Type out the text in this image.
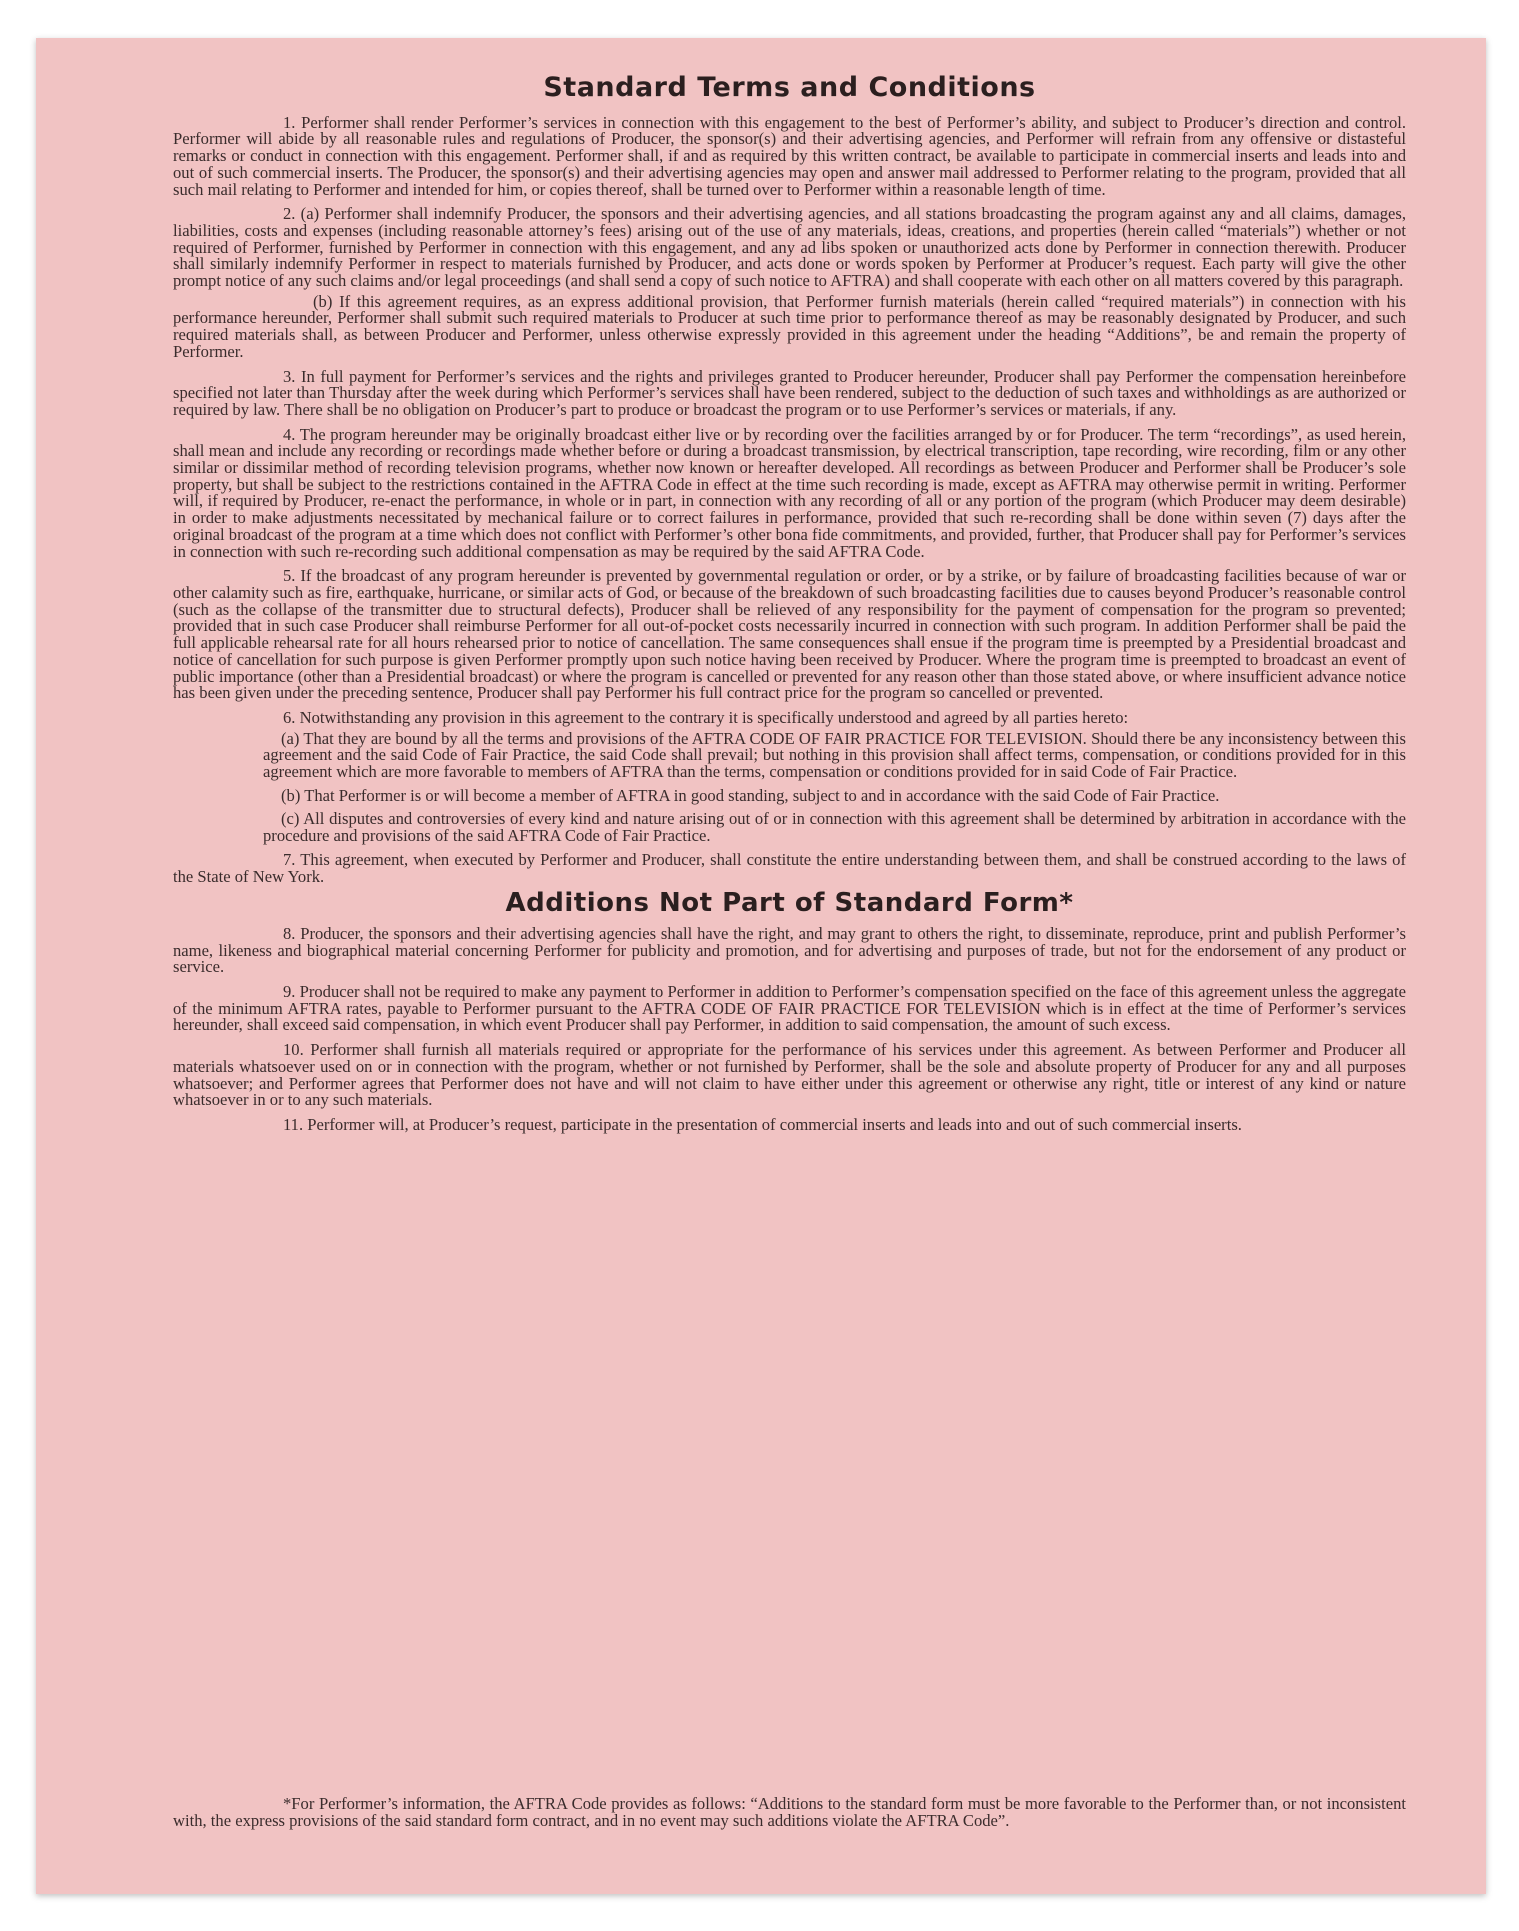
Standard Terms and Conditions

1. Performer shall render Performer’s services in connection with this engagement to the best of Performer’s ability, and subject to Producer’s direction and control. Performer will abide by all reasonable rules and regulations of Producer, the sponsor(s) and their advertising agencies, and Performer will refrain from any offensive or distasteful remarks or conduct in connection with this engagement. Performer shall, if and as required by this written contract, be available to participate in commercial inserts and leads into and out of such commercial inserts. The Producer, the sponsor(s) and their advertising agencies may open and answer mail addressed to Performer relating to the program, provided that all such mail relating to Performer and intended for him, or copies thereof, shall be turned over to Performer within a reasonable length of time.

2. (a) Performer shall indemnify Producer, the sponsors and their advertising agencies, and all stations broadcasting the program against any and all claims, damages, liabilities, costs and expenses (including reasonable attorney’s fees) arising out of the use of any materials, ideas, creations, and properties (herein called “materials”) whether or not required of Performer, furnished by Performer in connection with this engagement, and any ad libs spoken or unauthorized acts done by Performer in connection therewith. Producer shall similarly indemnify Performer in respect to materials furnished by Producer, and acts done or words spoken by Performer at Producer’s request. Each party will give the other prompt notice of any such claims and/or legal proceedings (and shall send a copy of such notice to AFTRA) and shall cooperate with each other on all matters covered by this paragraph.

(b) If this agreement requires, as an express additional provision, that Performer furnish materials (herein called “required materials”) in connection with his performance hereunder, Performer shall submit such required materials to Producer at such time prior to performance thereof as may be reasonably designated by Producer, and such required materials shall, as between Producer and Performer, unless otherwise expressly provided in this agreement under the heading “Additions”, be and remain the property of Performer.

3. In full payment for Performer’s services and the rights and privileges granted to Producer hereunder, Producer shall pay Performer the compensation hereinbefore specified not later than Thursday after the week during which Performer’s services shall have been rendered, subject to the deduction of such taxes and withholdings as are authorized or required by law. There shall be no obligation on Producer’s part to produce or broadcast the program or to use Performer’s services or materials, if any.

4. The program hereunder may be originally broadcast either live or by recording over the facilities arranged by or for Producer. The term “recordings”, as used herein, shall mean and include any recording or recordings made whether before or during a broadcast transmission, by electrical transcription, tape recording, wire recording, film or any other similar or dissimilar method of recording television programs, whether now known or hereafter developed. All recordings as between Producer and Performer shall be Producer’s sole property, but shall be subject to the restrictions contained in the AFTRA Code in effect at the time such recording is made, except as AFTRA may otherwise permit in writing. Performer will, if required by Producer, re-enact the performance, in whole or in part, in connection with any recording of all or any portion of the program (which Producer may deem desirable) in order to make adjustments necessitated by mechanical failure or to correct failures in performance, provided that such re-recording shall be done within seven (7) days after the original broadcast of the program at a time which does not conflict with Performer’s other bona fide commitments, and provided, further, that Producer shall pay for Performer’s services in connection with such re-recording such additional compensation as may be required by the said AFTRA Code.

5. If the broadcast of any program hereunder is prevented by governmental regulation or order, or by a strike, or by failure of broadcasting facilities because of war or other calamity such as fire, earthquake, hurricane, or similar acts of God, or because of the breakdown of such broadcasting facilities due to causes beyond Producer’s reasonable control (such as the collapse of the transmitter due to structural defects), Producer shall be relieved of any responsibility for the payment of compensation for the program so prevented; provided that in such case Producer shall reimburse Performer for all out-of-pocket costs necessarily incurred in connection with such program. In addition Performer shall be paid the full applicable rehearsal rate for all hours rehearsed prior to notice of cancellation. The same consequences shall ensue if the program time is preempted by a Presidential broadcast and notice of cancellation for such purpose is given Performer promptly upon such notice having been received by Producer. Where the program time is preempted to broadcast an event of public importance (other than a Presidential broadcast) or where the program is cancelled or prevented for any reason other than those stated above, or where insufficient advance notice has been given under the preceding sentence, Producer shall pay Performer his full contract price for the program so cancelled or prevented.

6. Notwithstanding any provision in this agreement to the contrary it is specifically understood and agreed by all parties hereto:

(a) That they are bound by all the terms and provisions of the AFTRA CODE OF FAIR PRACTICE FOR TELEVISION. Should there be any inconsistency between this agreement and the said Code of Fair Practice, the said Code shall prevail; but nothing in this provision shall affect terms, compensation, or conditions provided for in this agreement which are more favorable to members of AFTRA than the terms, compensation or conditions provided for in said Code of Fair Practice.

(b) That Performer is or will become a member of AFTRA in good standing, subject to and in accordance with the said Code of Fair Practice.

(c) All disputes and controversies of every kind and nature arising out of or in connection with this agreement shall be determined by arbitration in accordance with the procedure and provisions of the said AFTRA Code of Fair Practice.

7. This agreement, when executed by Performer and Producer, shall constitute the entire understanding between them, and shall be construed according to the laws of the State of New York.

Additions Not Part of Standard Form*

8. Producer, the sponsors and their advertising agencies shall have the right, and may grant to others the right, to disseminate, reproduce, print and publish Performer’s name, likeness and biographical material concerning Performer for publicity and promotion, and for advertising and purposes of trade, but not for the endorsement of any product or service.

9. Producer shall not be required to make any payment to Performer in addition to Performer’s compensation specified on the face of this agreement unless the aggregate of the minimum AFTRA rates, payable to Performer pursuant to the AFTRA CODE OF FAIR PRACTICE FOR TELEVISION which is in effect at the time of Performer’s services hereunder, shall exceed said compensation, in which event Producer shall pay Performer, in addition to said compensation, the amount of such excess.

10. Performer shall furnish all materials required or appropriate for the performance of his services under this agreement. As between Performer and Producer all materials whatsoever used on or in connection with the program, whether or not furnished by Performer, shall be the sole and absolute property of Producer for any and all purposes whatsoever; and Performer agrees that Performer does not have and will not claim to have either under this agreement or otherwise any right, title or interest of any kind or nature whatsoever in or to any such materials.

11. Performer will, at Producer’s request, participate in the presentation of commercial inserts and leads into and out of such commercial inserts.

*For Performer’s information, the AFTRA Code provides as follows: “Additions to the standard form must be more favorable to the Performer than, or not inconsistent with, the express provisions of the said standard form contract, and in no event may such additions violate the AFTRA Code”.
